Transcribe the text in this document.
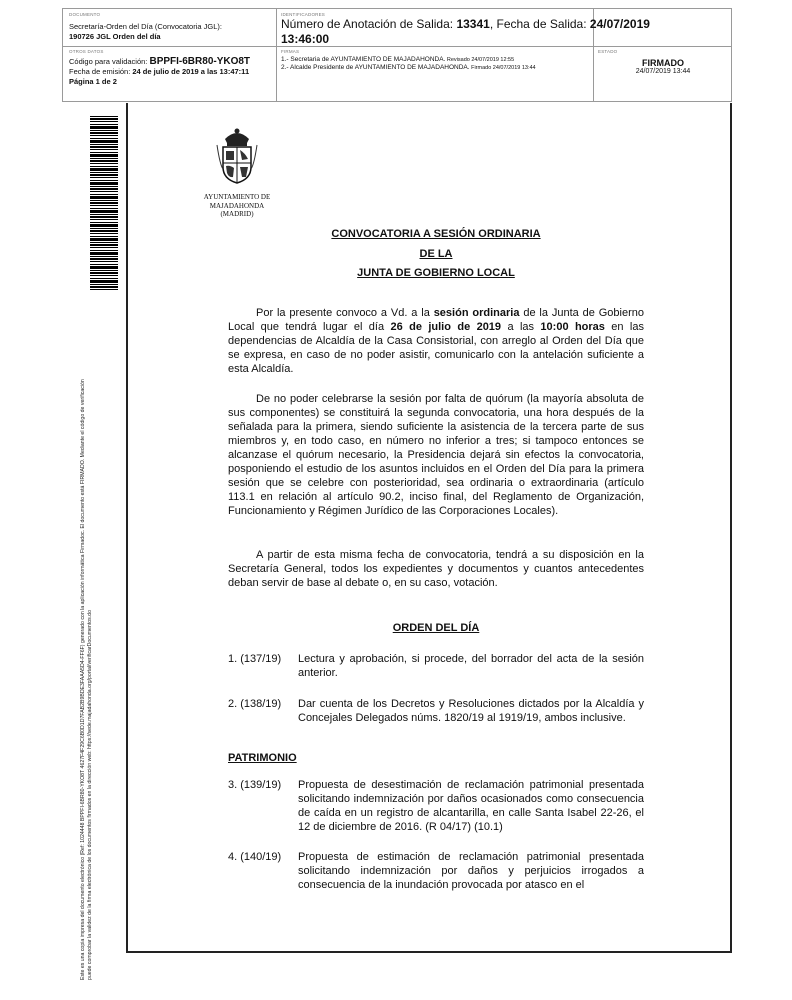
DOCUMENTO
Secretaría-Orden del Día (Convocatoria JGL):
190726 JGL Orden del día
IDENTIFICADORES
Número de Anotación de Salida: 13341, Fecha de Salida: 24/07/2019
13:46:00
OTROS DATOS
Código para validación: BPPFI-6BR80-YKO8T
Fecha de emisión: 24 de julio de 2019 a las 13:47:11
Página 1 de 2
FIRMAS
1.- Secretaria de AYUNTAMIENTO DE MAJADAHONDA. Revisado 24/07/2019 12:55
2.- Alcalde Presidente de AYUNTAMIENTO DE MAJADAHONDA. Firmado 24/07/2019 13:44
ESTADO
FIRMADO
24/07/2019 13:44
Este es una copia impresa del documento electrónico (Ref: 1024448 BPPFI-6BR80-YKO8T 4627F4F29C6B0D1D7FAB2B9BDE3FAAA5D4-FF6F) generado con la aplicación informática Firmadoc. El documento está FIRMADO. Mediante el código de verificación puede comprobar la validez de la firma electrónica de los documentos firmados en la dirección web: https://sede.majadahonda.org/portal/verificarDocumentos.do
AYUNTAMIENTO DE
MAJADAHONDA
(MADRID)
CONVOCATORIA A SESIÓN ORDINARIA
DE LA
JUNTA DE GOBIERNO LOCAL
Por la presente convoco a Vd. a la sesión ordinaria de la Junta de Gobierno Local que tendrá lugar el día 26 de julio de 2019 a las 10:00 horas en las dependencias de Alcaldía de la Casa Consistorial, con arreglo al Orden del Día que se expresa, en caso de no poder asistir, comunicarlo con la antelación suficiente a esta Alcaldía.
De no poder celebrarse la sesión por falta de quórum (la mayoría absoluta de sus componentes) se constituirá la segunda convocatoria, una hora después de la señalada para la primera, siendo suficiente la asistencia de la tercera parte de sus miembros y, en todo caso, en número no inferior a tres; si tampoco entonces se alcanzase el quórum necesario, la Presidencia dejará sin efectos la convocatoria, posponiendo el estudio de los asuntos incluidos en el Orden del Día para la primera sesión que se celebre con posterioridad, sea ordinaria o extraordinaria (artículo 113.1 en relación al artículo 90.2, inciso final, del Reglamento de Organización, Funcionamiento y Régimen Jurídico de las Corporaciones Locales).
A partir de esta misma fecha de convocatoria, tendrá a su disposición en la Secretaría General, todos los expedientes y documentos y cuantos antecedentes deban servir de base al debate o, en su caso, votación.
ORDEN DEL DÍA
1. (137/19) Lectura y aprobación, si procede, del borrador del acta de la sesión anterior.
2. (138/19) Dar cuenta de los Decretos y Resoluciones dictados por la Alcaldía y Concejales Delegados núms. 1820/19 al 1919/19, ambos inclusive.
PATRIMONIO
3. (139/19) Propuesta de desestimación de reclamación patrimonial presentada solicitando indemnización por daños ocasionados como consecuencia de caída en un registro de alcantarilla, en calle Santa Isabel 22-26, el 12 de diciembre de 2016. (R 04/17) (10.1)
4. (140/19) Propuesta de estimación de reclamación patrimonial presentada solicitando indemnización por daños y perjuicios irrogados a consecuencia de la inundación provocada por atasco en el
